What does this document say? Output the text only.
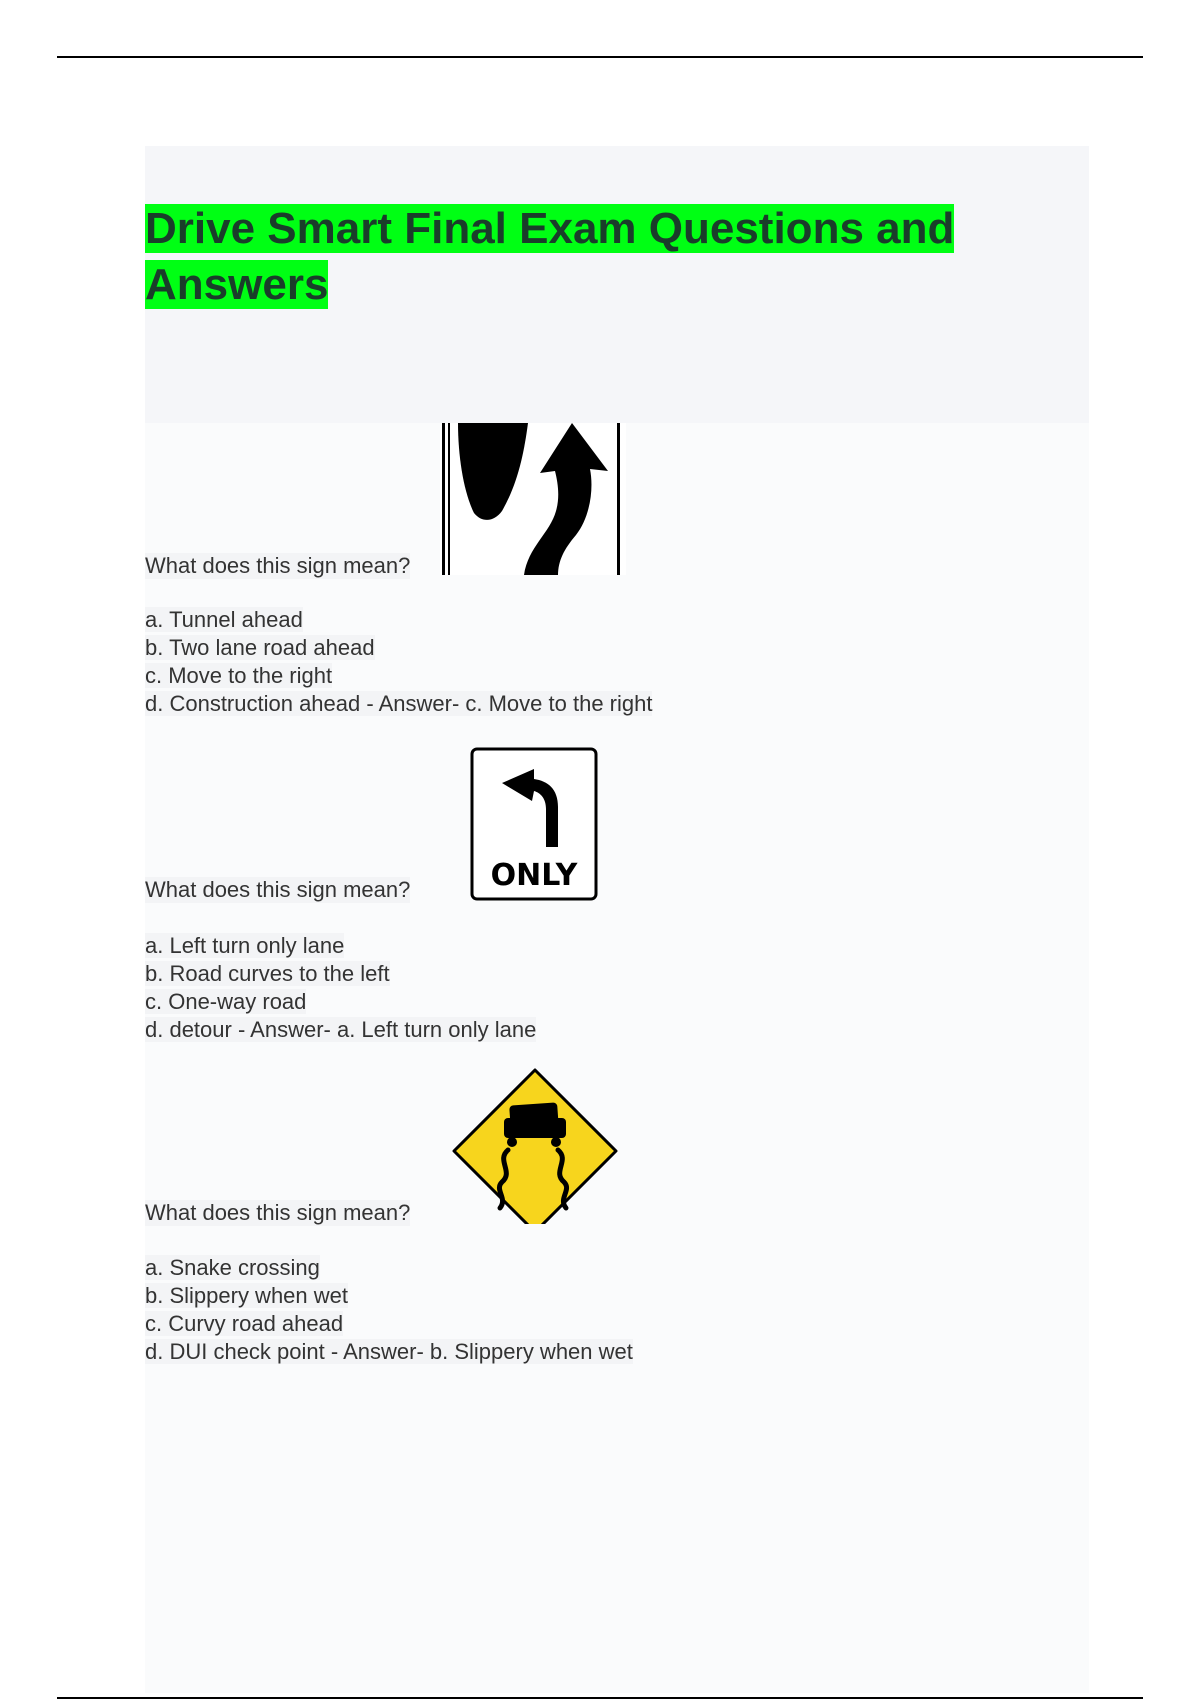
Drive Smart Final Exam Questions and Answers
What does this sign mean?
a. Tunnel ahead
b. Two lane road ahead
c. Move to the right
d. Construction ahead - Answer- c. Move to the right
ONLY
What does this sign mean?
a. Left turn only lane
b. Road curves to the left
c. One-way road
d. detour - Answer- a. Left turn only lane
What does this sign mean?
a. Snake crossing
b. Slippery when wet
c. Curvy road ahead
d. DUI check point - Answer- b. Slippery when wet
